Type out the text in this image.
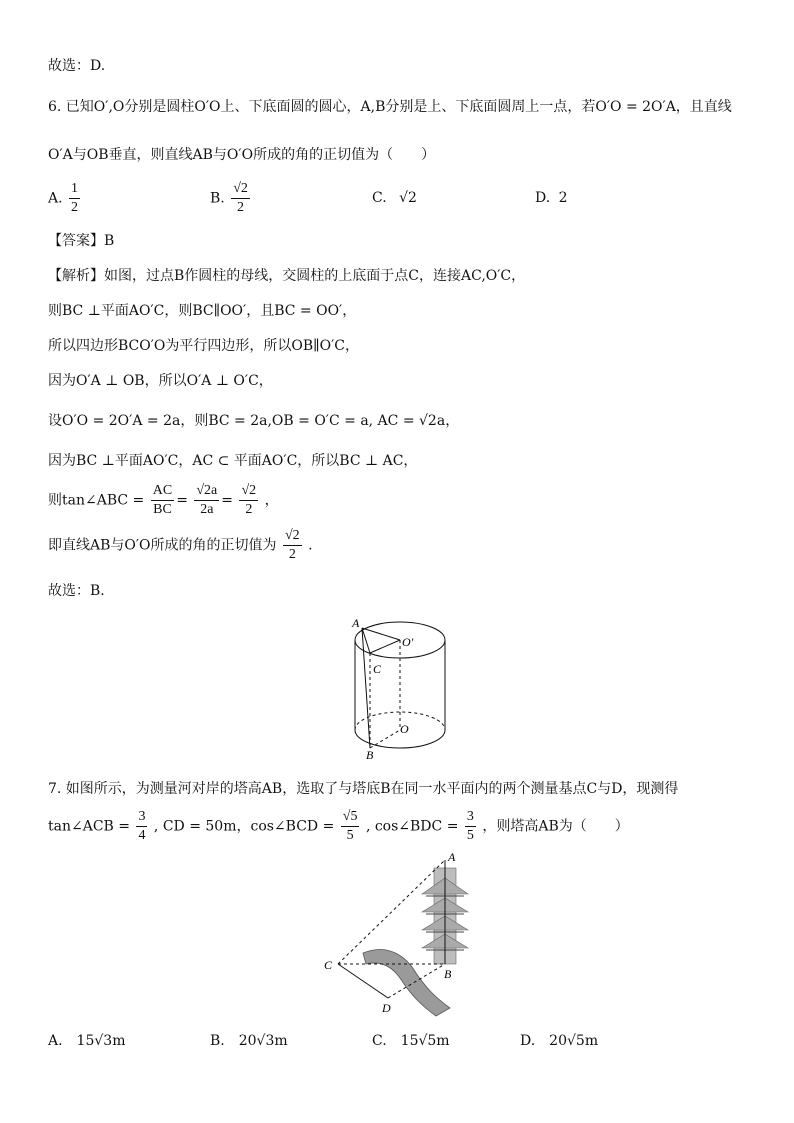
故选：D.
6. 已知O′,O分别是圆柱O′O上、下底面圆的圆心，A,B分别是上、下底面圆周上一点，若O′O = 2O′A，且直线
O′A与OB垂直，则直线AB与O′O所成的角的正切值为（　　）
A. $\frac{1}{2}$	B. $\frac{√2}{2}$	C. √2	D. 2
【答案】B
【解析】如图，过点B作圆柱的母线，交圆柱的上底面于点C，连接AC,O′C，
则BC ⊥平面AO′C，则BC∥OO′，且BC = OO′，
所以四边形BCO′O为平行四边形，所以OB∥O′C，
因为O′A ⊥ OB，所以O′A ⊥ O′C，
设O′O = 2O′A = 2a，则BC = 2a,OB = O′C = a, AC = √2a，
因为BC ⊥平面AO′C，AC ⊂ 平面AO′C，所以BC ⊥ AC，
则tan∠ABC = $\frac{AC}{BC} = \frac{√2a}{2a} = \frac{√2}{2}$ ，
即直线AB与O′O所成的角的正切值为 $\frac{√2}{2}$ .
故选：B.
A
O′
C
O
B
7. 如图所示，为测量河对岸的塔高AB，选取了与塔底B在同一水平面内的两个测量基点C与D，现测得
tan∠ACB = $\frac{3}{4}$ , CD = 50m，cos∠BCD = $\frac{√5}{5}$ , cos∠BDC = $\frac{3}{5}$ ，则塔高AB为（　　）
A
B
C
D
A.　15√3m	B.　20√3m	C.　15√5m	D.　20√5m
